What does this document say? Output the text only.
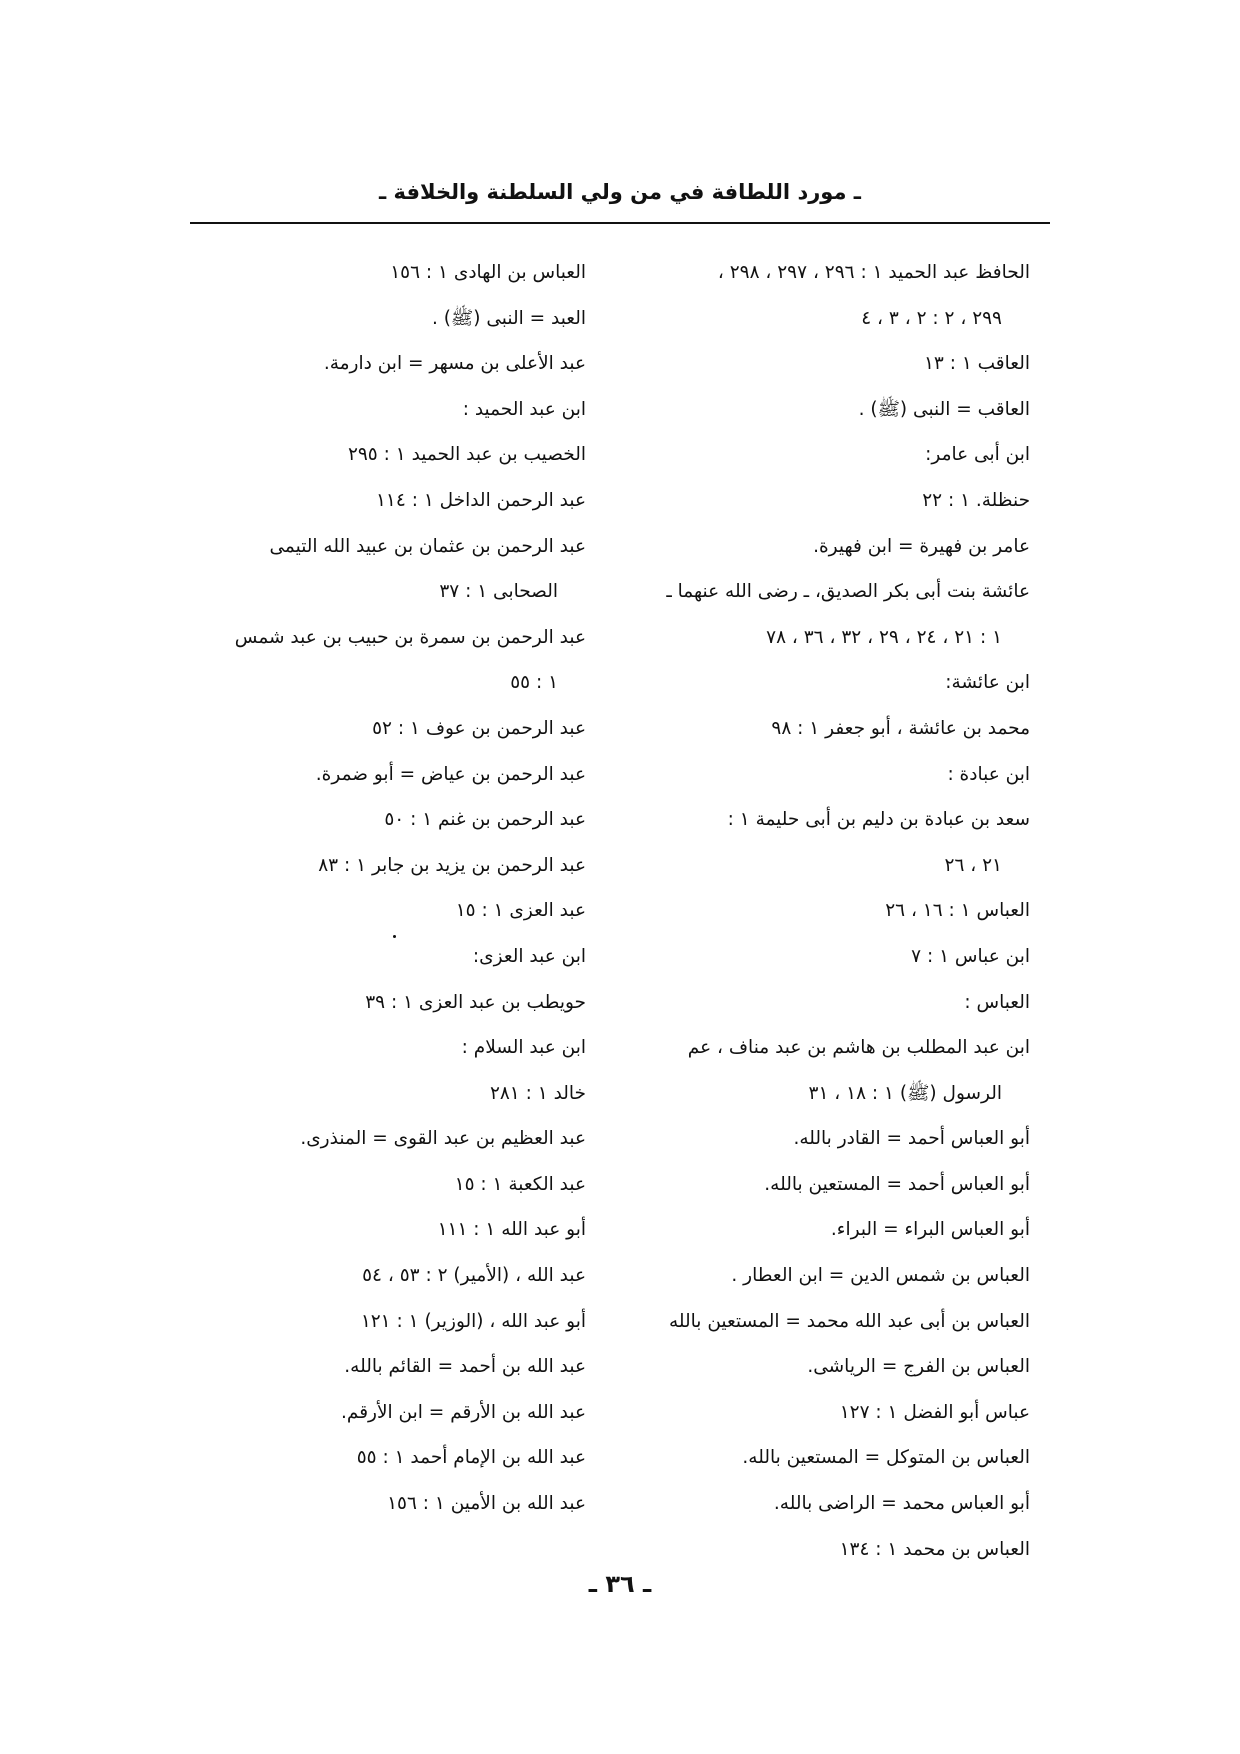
ـ مورد اللطافة في من ولي السلطنة والخلافة ـ
الحافظ عبد الحميد ١ : ٢٩٦ ، ٢٩٧ ، ٢٩٨ ،
٢٩٩ ، ٢ : ٢ ، ٣ ، ٤
العاقب ١ : ١٣
العاقب = النبى (ﷺ) .
ابن أبى عامر:
حنظلة. ١ : ٢٢
عامر بن فهيرة = ابن فهيرة.
عائشة بنت أبى بكر الصديق، ـ رضى الله عنهما ـ
١ : ٢١ ، ٢٤ ، ٢٩ ، ٣٢ ، ٣٦ ، ٧٨
ابن عائشة:
محمد بن عائشة ، أبو جعفر ١ : ٩٨
ابن عبادة :
سعد بن عبادة بن دليم بن أبى حليمة ١ :
٢١ ، ٢٦
العباس ١ : ١٦ ، ٢٦
ابن عباس ١ : ٧
العباس :
ابن عبد المطلب بن هاشم بن عبد مناف ، عم
الرسول (ﷺ) ١ : ١٨ ، ٣١
أبو العباس أحمد = القادر بالله.
أبو العباس أحمد = المستعين بالله.
أبو العباس البراء = البراء.
العباس بن شمس الدين = ابن العطار .
العباس بن أبى عبد الله محمد = المستعين بالله
العباس بن الفرج = الرياشى.
عباس أبو الفضل ١ : ١٢٧
العباس بن المتوكل = المستعين بالله.
أبو العباس محمد = الراضى بالله.
العباس بن محمد ١ : ١٣٤
العباس بن الهادى ١ : ١٥٦
العبد = النبى (ﷺ) .
عبد الأعلى بن مسهر = ابن دارمة.
ابن عبد الحميد :
الخصيب بن عبد الحميد ١ : ٢٩٥
عبد الرحمن الداخل ١ : ١١٤
عبد الرحمن بن عثمان بن عبيد الله التيمى
الصحابى ١ : ٣٧
عبد الرحمن بن سمرة بن حبيب بن عبد شمس
١ : ٥٥
عبد الرحمن بن عوف ١ : ٥٢
عبد الرحمن بن عياض = أبو ضمرة.
عبد الرحمن بن غنم ١ : ٥٠
عبد الرحمن بن يزيد بن جابر ١ : ٨٣
عبد العزى ١ : ١٥
ابن عبد العزى:
حويطب بن عبد العزى ١ : ٣٩
ابن عبد السلام :
خالد ١ : ٢٨١
عبد العظيم بن عبد القوى = المنذرى.
عبد الكعبة ١ : ١٥
أبو عبد الله ١ : ١١١
عبد الله ، (الأمير) ٢ : ٥٣ ، ٥٤
أبو عبد الله ، (الوزير) ١ : ١٢١
عبد الله بن أحمد = القائم بالله.
عبد الله بن الأرقم = ابن الأرقم.
عبد الله بن الإمام أحمد ١ : ٥٥
عبد الله بن الأمين ١ : ١٥٦
ـ ٣٦ ـ
